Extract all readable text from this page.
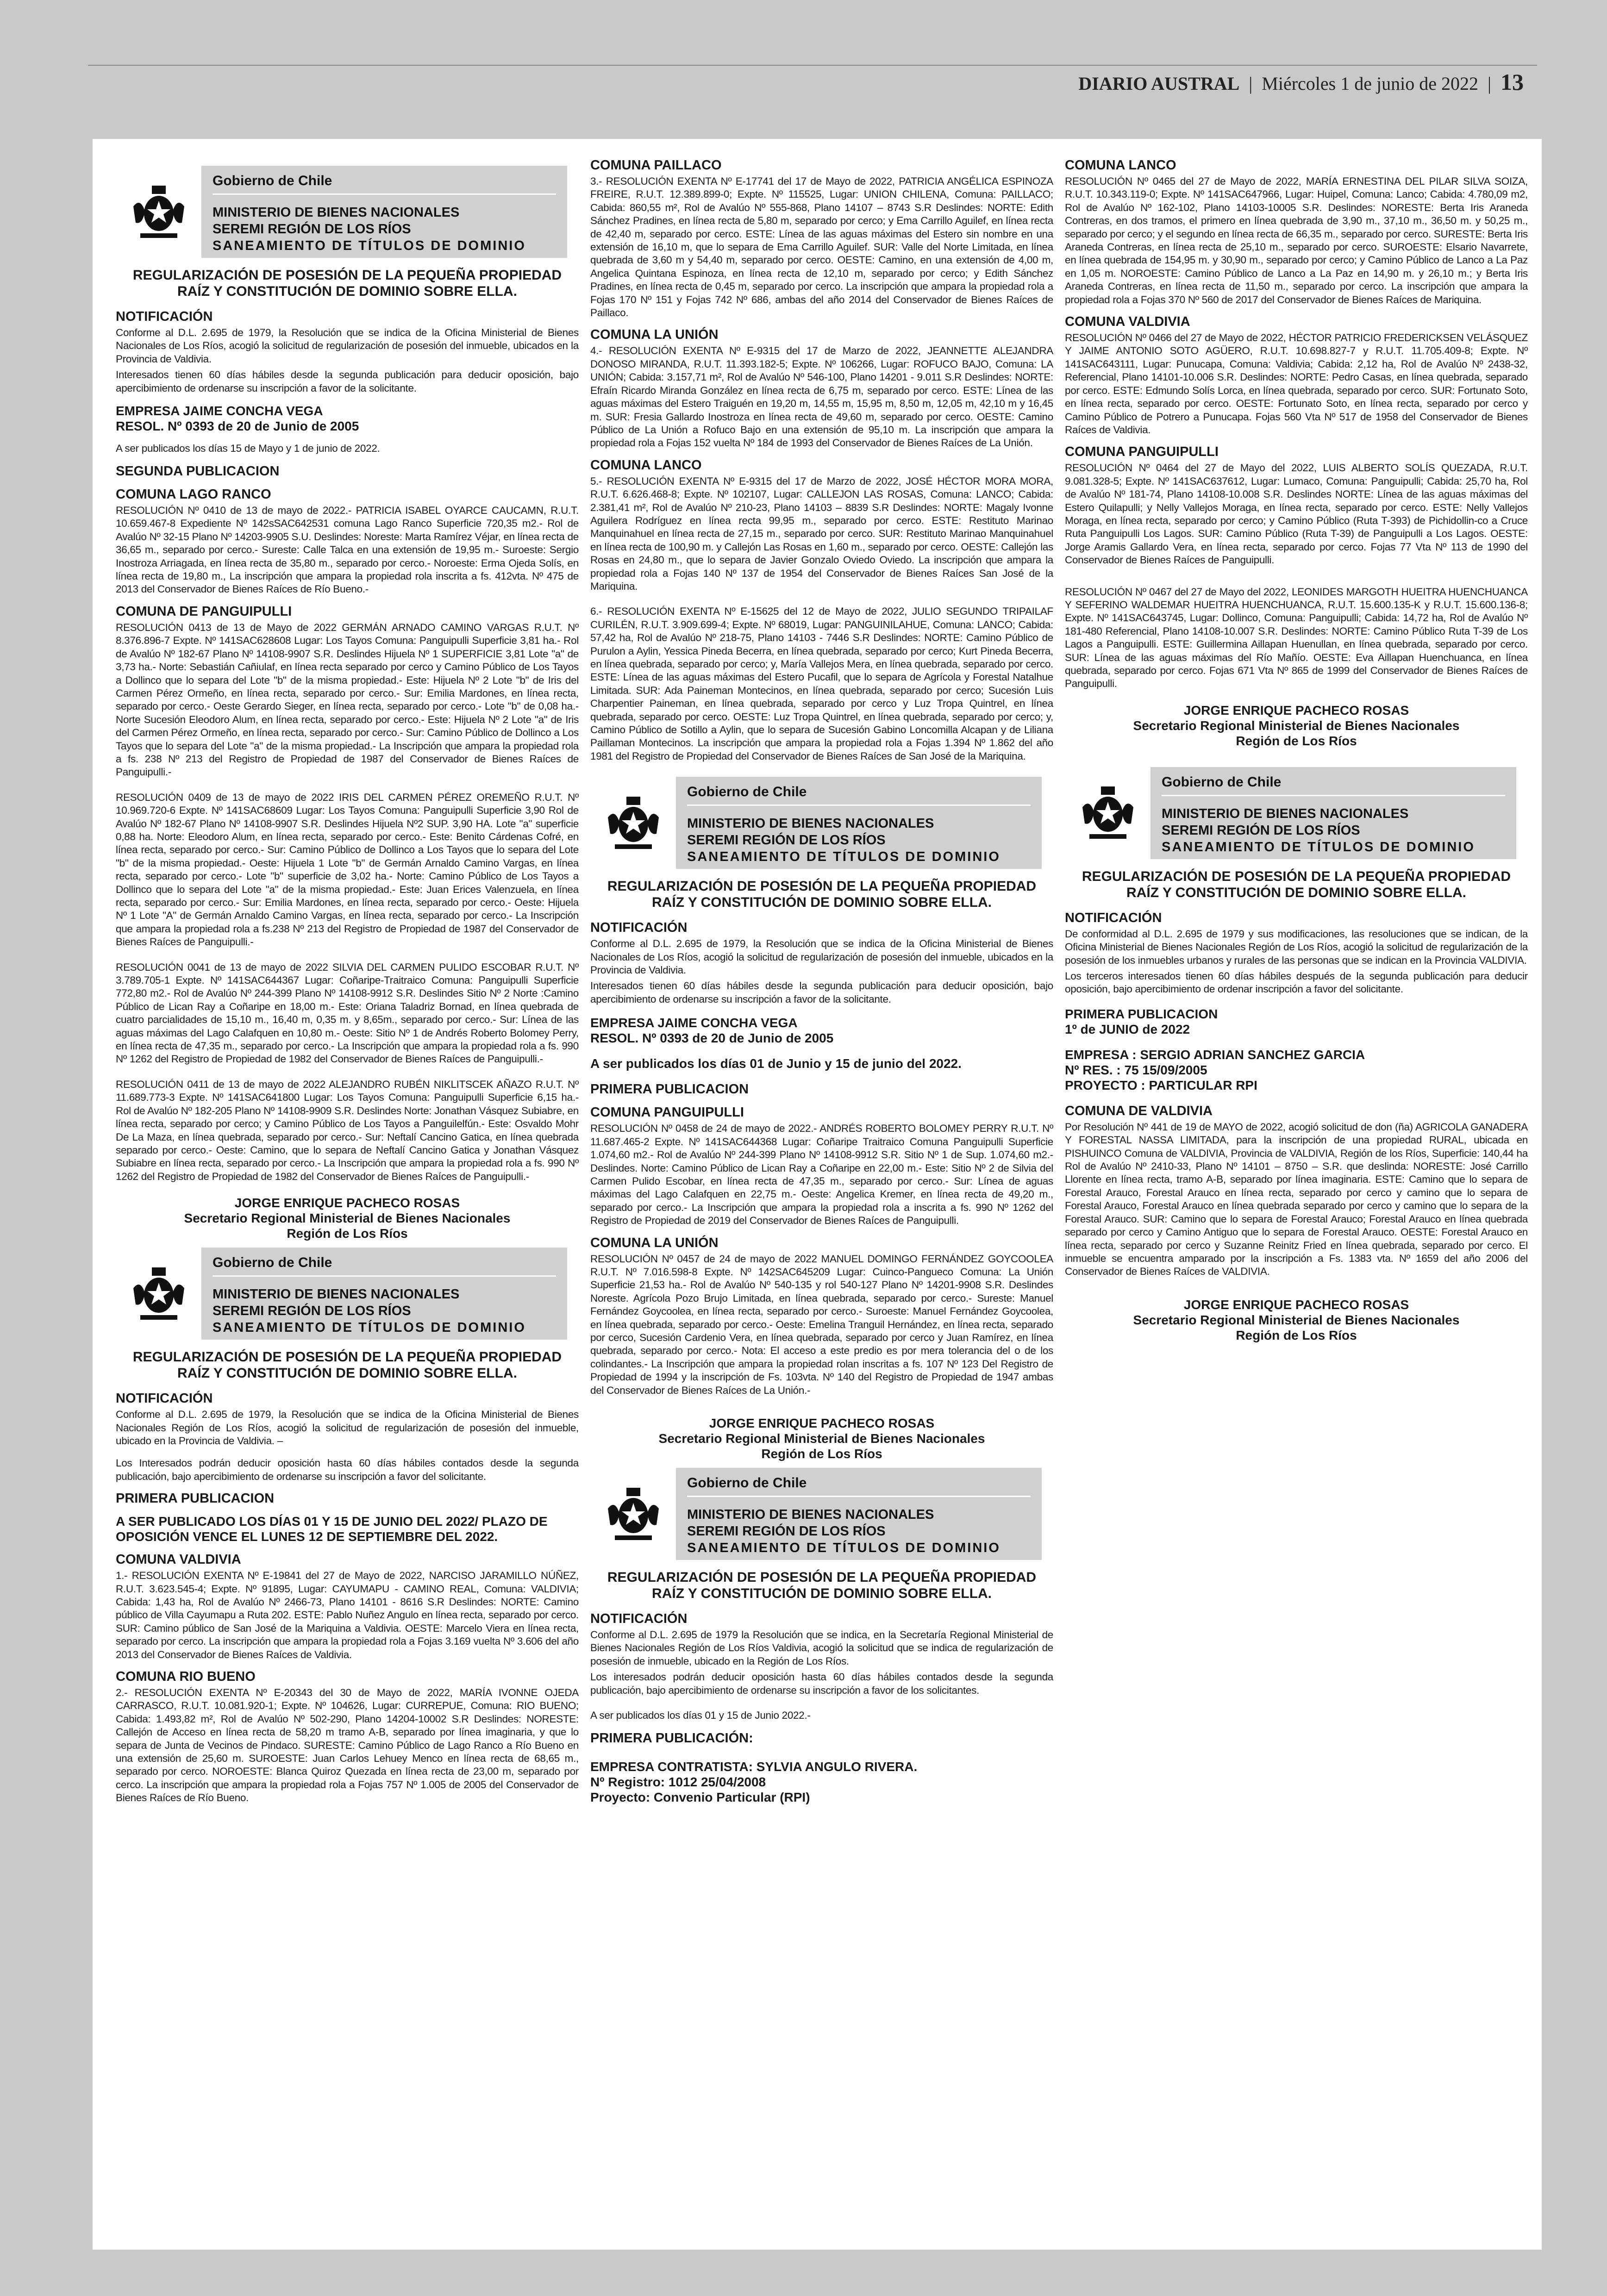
DIARIO AUSTRAL | Miércoles 1 de junio de 2022 | 13
Gobierno de Chile
MINISTERIO DE BIENES NACIONALES
SEREMI REGIÓN DE LOS RÍOS
SANEAMIENTO DE TÍTULOS DE DOMINIO
REGULARIZACIÓN DE POSESIÓN DE LA PEQUEÑA PROPIEDAD RAÍZ Y CONSTITUCIÓN DE DOMINIO SOBRE ELLA.
NOTIFICACIÓN
Conforme al D.L. 2.695 de 1979, la Resolución que se indica de la Oficina Ministerial de Bienes Nacionales de Los Ríos, acogió la solicitud de regularización de posesión del inmueble, ubicados en la Provincia de Valdivia.
Interesados tienen 60 días hábiles desde la segunda publicación para deducir oposición, bajo apercibimiento de ordenarse su inscripción a favor de la solicitante.
EMPRESA JAIME CONCHA VEGA
RESOL. Nº 0393 de 20 de Junio de 2005
A ser publicados los días 15 de Mayo y 1 de junio de 2022.
SEGUNDA PUBLICACION
COMUNA LAGO RANCO
RESOLUCIÓN Nº 0410 de 13 de mayo de 2022.- PATRICIA ISABEL OYARCE CAUCAMN, R.U.T. 10.659.467-8 Expediente Nº 142sSAC642531 comuna Lago Ranco Superficie 720,35 m2.- Rol de Avalúo Nº 32-15 Plano Nº 14203-9905 S.U. Deslindes: Noreste: Marta Ramírez Véjar, en línea recta de 36,65 m., separado por cerco.- Sureste: Calle Talca en una extensión de 19,95 m.- Suroeste: Sergio Inostroza Arriagada, en línea recta de 35,80 m., separado por cerco.- Noroeste: Erma Ojeda Solís, en línea recta de 19,80 m., La inscripción que ampara la propiedad rola inscrita a fs. 412vta. Nº 475 de 2013 del Conservador de Bienes Raíces de Río Bueno.-
COMUNA DE PANGUIPULLI
RESOLUCIÓN 0413 de 13 de Mayo de 2022 GERMÁN ARNADO CAMINO VARGAS R.U.T. Nº 8.376.896-7 Expte. Nº 141SAC628608 Lugar: Los Tayos Comuna: Panguipulli Superficie 3,81 ha.- Rol de Avalúo Nº 182-67 Plano Nº 14108-9907 S.R. Deslindes Hijuela Nº 1 SUPERFICIE 3,81 Lote "a" de 3,73 ha.- Norte: Sebastián Cañiulaf, en línea recta separado por cerco y Camino Público de Los Tayos a Dollinco que lo separa del Lote "b" de la misma propiedad.- Este: Hijuela Nº 2 Lote "b" de Iris del Carmen Pérez Ormeño, en línea recta, separado por cerco.- Sur: Emilia Mardones, en línea recta, separado por cerco.- Oeste Gerardo Sieger, en línea recta, separado por cerco.- Lote "b" de 0,08 ha.- Norte Sucesión Eleodoro Alum, en línea recta, separado por cerco.- Este: Hijuela Nº 2 Lote "a" de Iris del Carmen Pérez Ormeño, en línea recta, separado por cerco.- Sur: Camino Público de Dollinco a Los Tayos que lo separa del Lote "a" de la misma propiedad.- La Inscripción que ampara la propiedad rola a fs. 238 Nº 213 del Registro de Propiedad de 1987 del Conservador de Bienes Raíces de Panguipulli.-
RESOLUCIÓN 0409 de 13 de mayo de 2022 IRIS DEL CARMEN PÉREZ OREMEÑO R.U.T. Nº 10.969.720-6 Expte. Nº 141SAC68609 Lugar: Los Tayos Comuna: Panguipulli Superficie 3,90 Rol de Avalúo Nº 182-67 Plano Nº 14108-9907 S.R. Deslindes Hijuela Nº2 SUP. 3,90 HA. Lote "a" superficie 0,88 ha. Norte: Eleodoro Alum, en línea recta, separado por cerco.- Este: Benito Cárdenas Cofré, en línea recta, separado por cerco.- Sur: Camino Público de Dollinco a Los Tayos que lo separa del Lote "b" de la misma propiedad.- Oeste: Hijuela 1 Lote "b" de Germán Arnaldo Camino Vargas, en línea recta, separado por cerco.- Lote "b" superficie de 3,02 ha.- Norte: Camino Público de Los Tayos a Dollinco que lo separa del Lote "a" de la misma propiedad.- Este: Juan Erices Valenzuela, en línea recta, separado por cerco.- Sur: Emilia Mardones, en línea recta, separado por cerco.- Oeste: Hijuela Nº 1 Lote "A" de Germán Arnaldo Camino Vargas, en línea recta, separado por cerco.- La Inscripción que ampara la propiedad rola a fs.238 Nº 213 del Registro de Propiedad de 1987 del Conservador de Bienes Raíces de Panguipulli.-
RESOLUCIÓN 0041 de 13 de mayo de 2022 SILVIA DEL CARMEN PULIDO ESCOBAR R.U.T. Nº 3.789.705-1 Expte. Nº 141SAC644367 Lugar: Coñaripe-Traitraico Comuna: Panguipulli Superficie 772,80 m2.- Rol de Avalúo Nº 244-399 Plano Nº 14108-9912 S.R. Deslindes Sitio Nº 2 Norte :Camino Público de Lican Ray a Coñaripe en 18,00 m.- Este: Oriana Taladriz Bornad, en línea quebrada de cuatro parcialidades de 15,10 m., 16,40 m, 0,35 m. y 8,65m., separado por cerco.- Sur: Línea de las aguas máximas del Lago Calafquen en 10,80 m.- Oeste: Sitio Nº 1 de Andrés Roberto Bolomey Perry, en línea recta de 47,35 m., separado por cerco.- La Inscripción que ampara la propiedad rola a fs. 990 Nº 1262 del Registro de Propiedad de 1982 del Conservador de Bienes Raíces de Panguipulli.-
RESOLUCIÓN 0411 de 13 de mayo de 2022 ALEJANDRO RUBÉN NIKLITSCEK AÑAZO R.U.T. Nº 11.689.773-3 Expte. Nº 141SAC641800 Lugar: Los Tayos Comuna: Panguipulli Superficie 6,15 ha.- Rol de Avalúo Nº 182-205 Plano Nº 14108-9909 S.R. Deslindes Norte: Jonathan Vásquez Subiabre, en línea recta, separado por cerco; y Camino Público de Los Tayos a Panguilelfún.- Este: Osvaldo Mohr De La Maza, en línea quebrada, separado por cerco.- Sur: Neftalí Cancino Gatica, en línea quebrada separado por cerco.- Oeste: Camino, que lo separa de Neftalí Cancino Gatica y Jonathan Vásquez Subiabre en línea recta, separado por cerco.- La Inscripción que ampara la propiedad rola a fs. 990 Nº 1262 del Registro de Propiedad de 1982 del Conservador de Bienes Raíces de Panguipulli.-
JORGE ENRIQUE PACHECO ROSAS
Secretario Regional Ministerial de Bienes Nacionales
Región de Los Ríos
Gobierno de Chile
MINISTERIO DE BIENES NACIONALES
SEREMI REGIÓN DE LOS RÍOS
SANEAMIENTO DE TÍTULOS DE DOMINIO
REGULARIZACIÓN DE POSESIÓN DE LA PEQUEÑA PROPIEDAD RAÍZ Y CONSTITUCIÓN DE DOMINIO SOBRE ELLA.
NOTIFICACIÓN
Conforme al D.L. 2.695 de 1979, la Resolución que se indica de la Oficina Ministerial de Bienes Nacionales Región de Los Ríos, acogió la solicitud de regularización de posesión del inmueble, ubicado en la Provincia de Valdivia. –
Los Interesados podrán deducir oposición hasta 60 días hábiles contados desde la segunda publicación, bajo apercibimiento de ordenarse su inscripción a favor del solicitante.
PRIMERA PUBLICACION
A SER PUBLICADO LOS DÍAS 01 Y 15 DE JUNIO DEL 2022/ PLAZO DE OPOSICIÓN VENCE EL LUNES 12 DE SEPTIEMBRE DEL 2022.
COMUNA VALDIVIA
1.- RESOLUCIÓN EXENTA Nº E-19841 del 27 de Mayo de 2022, NARCISO JARAMILLO NÚÑEZ, R.U.T. 3.623.545-4; Expte. Nº 91895, Lugar: CAYUMAPU - CAMINO REAL, Comuna: VALDIVIA; Cabida: 1,43 ha, Rol de Avalúo Nº 2466-73, Plano 14101 - 8616 S.R Deslindes: NORTE: Camino público de Villa Cayumapu a Ruta 202. ESTE: Pablo Nuñez Angulo en línea recta, separado por cerco. SUR: Camino público de San José de la Mariquina a Valdivia. OESTE: Marcelo Viera en línea recta, separado por cerco. La inscripción que ampara la propiedad rola a Fojas 3.169 vuelta Nº 3.606 del año 2013 del Conservador de Bienes Raíces de Valdivia.
COMUNA RIO BUENO
2.- RESOLUCIÓN EXENTA Nº E-20343 del 30 de Mayo de 2022, MARÍA IVONNE OJEDA CARRASCO, R.U.T. 10.081.920-1; Expte. Nº 104626, Lugar: CURREPUE, Comuna: RIO BUENO; Cabida: 1.493,82 m², Rol de Avalúo Nº 502-290, Plano 14204-10002 S.R Deslindes: NORESTE: Callejón de Acceso en línea recta de 58,20 m tramo A-B, separado por línea imaginaria, y que lo separa de Junta de Vecinos de Pindaco. SURESTE: Camino Público de Lago Ranco a Río Bueno en una extensión de 25,60 m. SUROESTE: Juan Carlos Lehuey Menco en línea recta de 68,65 m., separado por cerco. NOROESTE: Blanca Quiroz Quezada en línea recta de 23,00 m, separado por cerco. La inscripción que ampara la propiedad rola a Fojas 757 Nº 1.005 de 2005 del Conservador de Bienes Raíces de Río Bueno.
COMUNA PAILLACO
3.- RESOLUCIÓN EXENTA Nº E-17741 del 17 de Mayo de 2022, PATRICIA ANGÉLICA ESPINOZA FREIRE, R.U.T. 12.389.899-0; Expte. Nº 115525, Lugar: UNION CHILENA, Comuna: PAILLACO; Cabida: 860,55 m², Rol de Avalúo Nº 555-868, Plano 14107 – 8743 S.R Deslindes: NORTE: Edith Sánchez Pradines, en línea recta de 5,80 m, separado por cerco; y Ema Carrillo Aguilef, en línea recta de 42,40 m, separado por cerco. ESTE: Línea de las aguas máximas del Estero sin nombre en una extensión de 16,10 m, que lo separa de Ema Carrillo Aguilef. SUR: Valle del Norte Limitada, en línea quebrada de 3,60 m y 54,40 m, separado por cerco. OESTE: Camino, en una extensión de 4,00 m, Angelica Quintana Espinoza, en línea recta de 12,10 m, separado por cerco; y Edith Sánchez Pradines, en línea recta de 0,45 m, separado por cerco. La inscripción que ampara la propiedad rola a Fojas 170 Nº 151 y Fojas 742 Nº 686, ambas del año 2014 del Conservador de Bienes Raíces de Paillaco.
COMUNA LA UNIÓN
4.- RESOLUCIÓN EXENTA Nº E-9315 del 17 de Marzo de 2022, JEANNETTE ALEJANDRA DONOSO MIRANDA, R.U.T. 11.393.182-5; Expte. Nº 106266, Lugar: ROFUCO BAJO, Comuna: LA UNIÓN; Cabida: 3.157,71 m², Rol de Avalúo Nº 546-100, Plano 14201 - 9.011 S.R Deslindes: NORTE: Efraín Ricardo Miranda González en línea recta de 6,75 m, separado por cerco. ESTE: Línea de las aguas máximas del Estero Traiguén en 19,20 m, 14,55 m, 15,95 m, 8,50 m, 12,05 m, 42,10 m y 16,45 m. SUR: Fresia Gallardo Inostroza en línea recta de 49,60 m, separado por cerco. OESTE: Camino Público de La Unión a Rofuco Bajo en una extensión de 95,10 m. La inscripción que ampara la propiedad rola a Fojas 152 vuelta Nº 184 de 1993 del Conservador de Bienes Raíces de La Unión.
COMUNA LANCO
5.- RESOLUCIÓN EXENTA Nº E-9315 del 17 de Marzo de 2022, JOSÉ HÉCTOR MORA MORA, R.U.T. 6.626.468-8; Expte. Nº 102107, Lugar: CALLEJON LAS ROSAS, Comuna: LANCO; Cabida: 2.381,41 m², Rol de Avalúo Nº 210-23, Plano 14103 – 8839 S.R Deslindes: NORTE: Magaly Ivonne Aguilera Rodríguez en línea recta 99,95 m., separado por cerco. ESTE: Restituto Marinao Manquinahuel en línea recta de 27,15 m., separado por cerco. SUR: Restituto Marinao Manquinahuel en línea recta de 100,90 m. y Callejón Las Rosas en 1,60 m., separado por cerco. OESTE: Callejón las Rosas en 24,80 m., que lo separa de Javier Gonzalo Oviedo Oviedo. La inscripción que ampara la propiedad rola a Fojas 140 Nº 137 de 1954 del Conservador de Bienes Raíces San José de la Mariquina.
6.- RESOLUCIÓN EXENTA Nº E-15625 del 12 de Mayo de 2022, JULIO SEGUNDO TRIPAILAF CURILÉN, R.U.T. 3.909.699-4; Expte. Nº 68019, Lugar: PANGUINILAHUE, Comuna: LANCO; Cabida: 57,42 ha, Rol de Avalúo Nº 218-75, Plano 14103 - 7446 S.R Deslindes: NORTE: Camino Público de Purulon a Aylin, Yessica Pineda Becerra, en línea quebrada, separado por cerco; Kurt Pineda Becerra, en línea quebrada, separado por cerco; y, María Vallejos Mera, en línea quebrada, separado por cerco. ESTE: Línea de las aguas máximas del Estero Pucafil, que lo separa de Agrícola y Forestal Natalhue Limitada. SUR: Ada Paineman Montecinos, en línea quebrada, separado por cerco; Sucesión Luis Charpentier Paineman, en línea quebrada, separado por cerco y Luz Tropa Quintrel, en línea quebrada, separado por cerco. OESTE: Luz Tropa Quintrel, en línea quebrada, separado por cerco; y, Camino Público de Sotillo a Aylin, que lo separa de Sucesión Gabino Loncomilla Alcapan y de Liliana Paillaman Montecinos. La inscripción que ampara la propiedad rola a Fojas 1.394 Nº 1.862 del año 1981 del Registro de Propiedad del Conservador de Bienes Raíces de San José de la Mariquina.
Gobierno de Chile
MINISTERIO DE BIENES NACIONALES
SEREMI REGIÓN DE LOS RÍOS
SANEAMIENTO DE TÍTULOS DE DOMINIO
REGULARIZACIÓN DE POSESIÓN DE LA PEQUEÑA PROPIEDAD RAÍZ Y CONSTITUCIÓN DE DOMINIO SOBRE ELLA.
NOTIFICACIÓN
Conforme al D.L. 2.695 de 1979, la Resolución que se indica de la Oficina Ministerial de Bienes Nacionales de Los Ríos, acogió la solicitud de regularización de posesión del inmueble, ubicados en la Provincia de Valdivia.
Interesados tienen 60 días hábiles desde la segunda publicación para deducir oposición, bajo apercibimiento de ordenarse su inscripción a favor de la solicitante.
EMPRESA JAIME CONCHA VEGA
RESOL. Nº 0393 de 20 de Junio de 2005
A ser publicados los días 01 de Junio y 15 de junio del 2022.
PRIMERA PUBLICACION
COMUNA PANGUIPULLI
RESOLUCIÓN Nº 0458 de 24 de mayo de 2022.- ANDRÉS ROBERTO BOLOMEY PERRY R.U.T. Nº 11.687.465-2 Expte. Nº 141SAC644368 Lugar: Coñaripe Traitraico Comuna Panguipulli Superficie 1.074,60 m2.- Rol de Avalúo Nº 244-399 Plano Nº 14108-9912 S.R. Sitio Nº 1 de Sup. 1.074,60 m2.- Deslindes. Norte: Camino Público de Lican Ray a Coñaripe en 22,00 m.- Este: Sitio Nº 2 de Silvia del Carmen Pulido Escobar, en línea recta de 47,35 m., separado por cerco.- Sur: Línea de aguas máximas del Lago Calafquen en 22,75 m.- Oeste: Angelica Kremer, en línea recta de 49,20 m., separado por cerco.- La Inscripción que ampara la propiedad rola a inscrita a fs. 990 Nº 1262 del Registro de Propiedad de 2019 del Conservador de Bienes Raíces de Panguipulli.
COMUNA LA UNIÓN
RESOLUCIÓN Nº 0457 de 24 de mayo de 2022 MANUEL DOMINGO FERNÁNDEZ GOYCOOLEA R.U.T. Nº 7.016.598-8 Expte. Nº 142SAC645209 Lugar: Cuinco-Pangueco Comuna: La Unión Superficie 21,53 ha.- Rol de Avalúo Nº 540-135 y rol 540-127 Plano Nº 14201-9908 S.R. Deslindes Noreste. Agrícola Pozo Brujo Limitada, en línea quebrada, separado por cerco.- Sureste: Manuel Fernández Goycoolea, en línea recta, separado por cerco.- Suroeste: Manuel Fernández Goycoolea, en línea quebrada, separado por cerco.- Oeste: Emelina Tranguil Hernández, en línea recta, separado por cerco, Sucesión Cardenio Vera, en línea quebrada, separado por cerco y Juan Ramírez, en línea quebrada, separado por cerco.- Nota: El acceso a este predio es por mera tolerancia del o de los colindantes.- La Inscripción que ampara la propiedad rolan inscritas a fs. 107 Nº 123 Del Registro de Propiedad de 1994 y la inscripción de Fs. 103vta. Nº 140 del Registro de Propiedad de 1947 ambas del Conservador de Bienes Raíces de La Unión.-
JORGE ENRIQUE PACHECO ROSAS
Secretario Regional Ministerial de Bienes Nacionales
Región de Los Ríos
Gobierno de Chile
MINISTERIO DE BIENES NACIONALES
SEREMI REGIÓN DE LOS RÍOS
SANEAMIENTO DE TÍTULOS DE DOMINIO
REGULARIZACIÓN DE POSESIÓN DE LA PEQUEÑA PROPIEDAD RAÍZ Y CONSTITUCIÓN DE DOMINIO SOBRE ELLA.
NOTIFICACIÓN
Conforme al D.L. 2.695 de 1979 la Resolución que se indica, en la Secretaría Regional Ministerial de Bienes Nacionales Región de Los Ríos Valdivia, acogió la solicitud que se indica de regularización de posesión de inmueble, ubicado en la Región de Los Ríos.
Los interesados podrán deducir oposición hasta 60 días hábiles contados desde la segunda publicación, bajo apercibimiento de ordenarse su inscripción a favor de los solicitantes.
A ser publicados los días 01 y 15 de Junio 2022.-
PRIMERA PUBLICACIÓN:
EMPRESA CONTRATISTA: SYLVIA ANGULO RIVERA.
Nº Registro: 1012 25/04/2008
Proyecto: Convenio Particular (RPI)
COMUNA LANCO
RESOLUCIÓN Nº 0465 del 27 de Mayo de 2022, MARÍA ERNESTINA DEL PILAR SILVA SOIZA, R.U.T. 10.343.119-0; Expte. Nº 141SAC647966, Lugar: Huipel, Comuna: Lanco; Cabida: 4.780,09 m2, Rol de Avalúo Nº 162-102, Plano 14103-10005 S.R. Deslindes: NORESTE: Berta Iris Araneda Contreras, en dos tramos, el primero en línea quebrada de 3,90 m., 37,10 m., 36,50 m. y 50,25 m., separado por cerco; y el segundo en línea recta de 66,35 m., separado por cerco. SURESTE: Berta Iris Araneda Contreras, en línea recta de 25,10 m., separado por cerco. SUROESTE: Elsario Navarrete, en línea quebrada de 154,95 m. y 30,90 m., separado por cerco; y Camino Público de Lanco a La Paz en 1,05 m. NOROESTE: Camino Público de Lanco a La Paz en 14,90 m. y 26,10 m.; y Berta Iris Araneda Contreras, en línea recta de 11,50 m., separado por cerco. La inscripción que ampara la propiedad rola a Fojas 370 Nº 560 de 2017 del Conservador de Bienes Raíces de Mariquina.
COMUNA VALDIVIA
RESOLUCIÓN Nº 0466 del 27 de Mayo de 2022, HÉCTOR PATRICIO FREDERICKSEN VELÁSQUEZ Y JAIME ANTONIO SOTO AGÜERO, R.U.T. 10.698.827-7 y R.U.T. 11.705.409-8; Expte. Nº 141SAC643111, Lugar: Punucapa, Comuna: Valdivia; Cabida: 2,12 ha, Rol de Avalúo Nº 2438-32, Referencial, Plano 14101-10.006 S.R. Deslindes: NORTE: Pedro Casas, en línea quebrada, separado por cerco. ESTE: Edmundo Solís Lorca, en línea quebrada, separado por cerco. SUR: Fortunato Soto, en línea recta, separado por cerco. OESTE: Fortunato Soto, en línea recta, separado por cerco y Camino Público de Potrero a Punucapa. Fojas 560 Vta Nº 517 de 1958 del Conservador de Bienes Raíces de Valdivia.
COMUNA PANGUIPULLI
RESOLUCIÓN Nº 0464 del 27 de Mayo del 2022, LUIS ALBERTO SOLÍS QUEZADA, R.U.T. 9.081.328-5; Expte. Nº 141SAC637612, Lugar: Lumaco, Comuna: Panguipulli; Cabida: 25,70 ha, Rol de Avalúo Nº 181-74, Plano 14108-10.008 S.R. Deslindes NORTE: Línea de las aguas máximas del Estero Quilapulli; y Nelly Vallejos Moraga, en línea recta, separado por cerco. ESTE: Nelly Vallejos Moraga, en línea recta, separado por cerco; y Camino Público (Ruta T-393) de Pichidollin-co a Cruce Ruta Panguipulli Los Lagos. SUR: Camino Público (Ruta T-39) de Panguipulli a Los Lagos. OESTE: Jorge Aramis Gallardo Vera, en línea recta, separado por cerco. Fojas 77 Vta Nº 113 de 1990 del Conservador de Bienes Raíces de Panguipulli.
RESOLUCIÓN Nº 0467 del 27 de Mayo del 2022, LEONIDES MARGOTH HUEITRA HUENCHUANCA Y SEFERINO WALDEMAR HUEITRA HUENCHUANCA, R.U.T. 15.600.135-K y R.U.T. 15.600.136-8; Expte. Nº 141SAC643745, Lugar: Dollinco, Comuna: Panguipulli; Cabida: 14,72 ha, Rol de Avalúo Nº 181-480 Referencial, Plano 14108-10.007 S.R. Deslindes: NORTE: Camino Público Ruta T-39 de Los Lagos a Panguipulli. ESTE: Guillermina Aillapan Huenullan, en línea quebrada, separado por cerco. SUR: Línea de las aguas máximas del Río Mañío. OESTE: Eva Aillapan Huenchuanca, en línea quebrada, separado por cerco. Fojas 671 Vta Nº 865 de 1999 del Conservador de Bienes Raíces de Panguipulli.
JORGE ENRIQUE PACHECO ROSAS
Secretario Regional Ministerial de Bienes Nacionales
Región de Los Ríos
Gobierno de Chile
MINISTERIO DE BIENES NACIONALES
SEREMI REGIÓN DE LOS RÍOS
SANEAMIENTO DE TÍTULOS DE DOMINIO
REGULARIZACIÓN DE POSESIÓN DE LA PEQUEÑA PROPIEDAD RAÍZ Y CONSTITUCIÓN DE DOMINIO SOBRE ELLA.
NOTIFICACIÓN
De conformidad al D.L. 2.695 de 1979 y sus modificaciones, las resoluciones que se indican, de la Oficina Ministerial de Bienes Nacionales Región de Los Ríos, acogió la solicitud de regularización de la posesión de los inmuebles urbanos y rurales de las personas que se indican en la Provincia VALDIVIA.
Los terceros interesados tienen 60 días hábiles después de la segunda publicación para deducir oposición, bajo apercibimiento de ordenar inscripción a favor del solicitante.
PRIMERA PUBLICACION
1º de JUNIO de 2022
EMPRESA : SERGIO ADRIAN SANCHEZ GARCIA
Nº RES. : 75 15/09/2005
PROYECTO : PARTICULAR RPI
COMUNA DE VALDIVIA
Por Resolución Nº 441 de 19 de MAYO de 2022, acogió solicitud de don (ña) AGRICOLA GANADERA Y FORESTAL NASSA LIMITADA, para la inscripción de una propiedad RURAL, ubicada en PISHUINCO Comuna de VALDIVIA, Provincia de VALDIVIA, Región de los Ríos, Superficie: 140,44 ha Rol de Avalúo Nº 2410-33, Plano Nº 14101 – 8750 – S.R. que deslinda: NORESTE: José Carrillo Llorente en línea recta, tramo A-B, separado por línea imaginaria. ESTE: Camino que lo separa de Forestal Arauco, Forestal Arauco en línea recta, separado por cerco y camino que lo separa de Forestal Arauco, Forestal Arauco en línea quebrada separado por cerco y camino que lo separa de la Forestal Arauco. SUR: Camino que lo separa de Forestal Arauco; Forestal Arauco en línea quebrada separado por cerco y Camino Antiguo que lo separa de Forestal Arauco. OESTE: Forestal Arauco en línea recta, separado por cerco y Suzanne Reinitz Fried en línea quebrada, separado por cerco. El inmueble se encuentra amparado por la inscripción a Fs. 1383 vta. Nº 1659 del año 2006 del Conservador de Bienes Raíces de VALDIVIA.
JORGE ENRIQUE PACHECO ROSAS
Secretario Regional Ministerial de Bienes Nacionales
Región de Los Ríos
